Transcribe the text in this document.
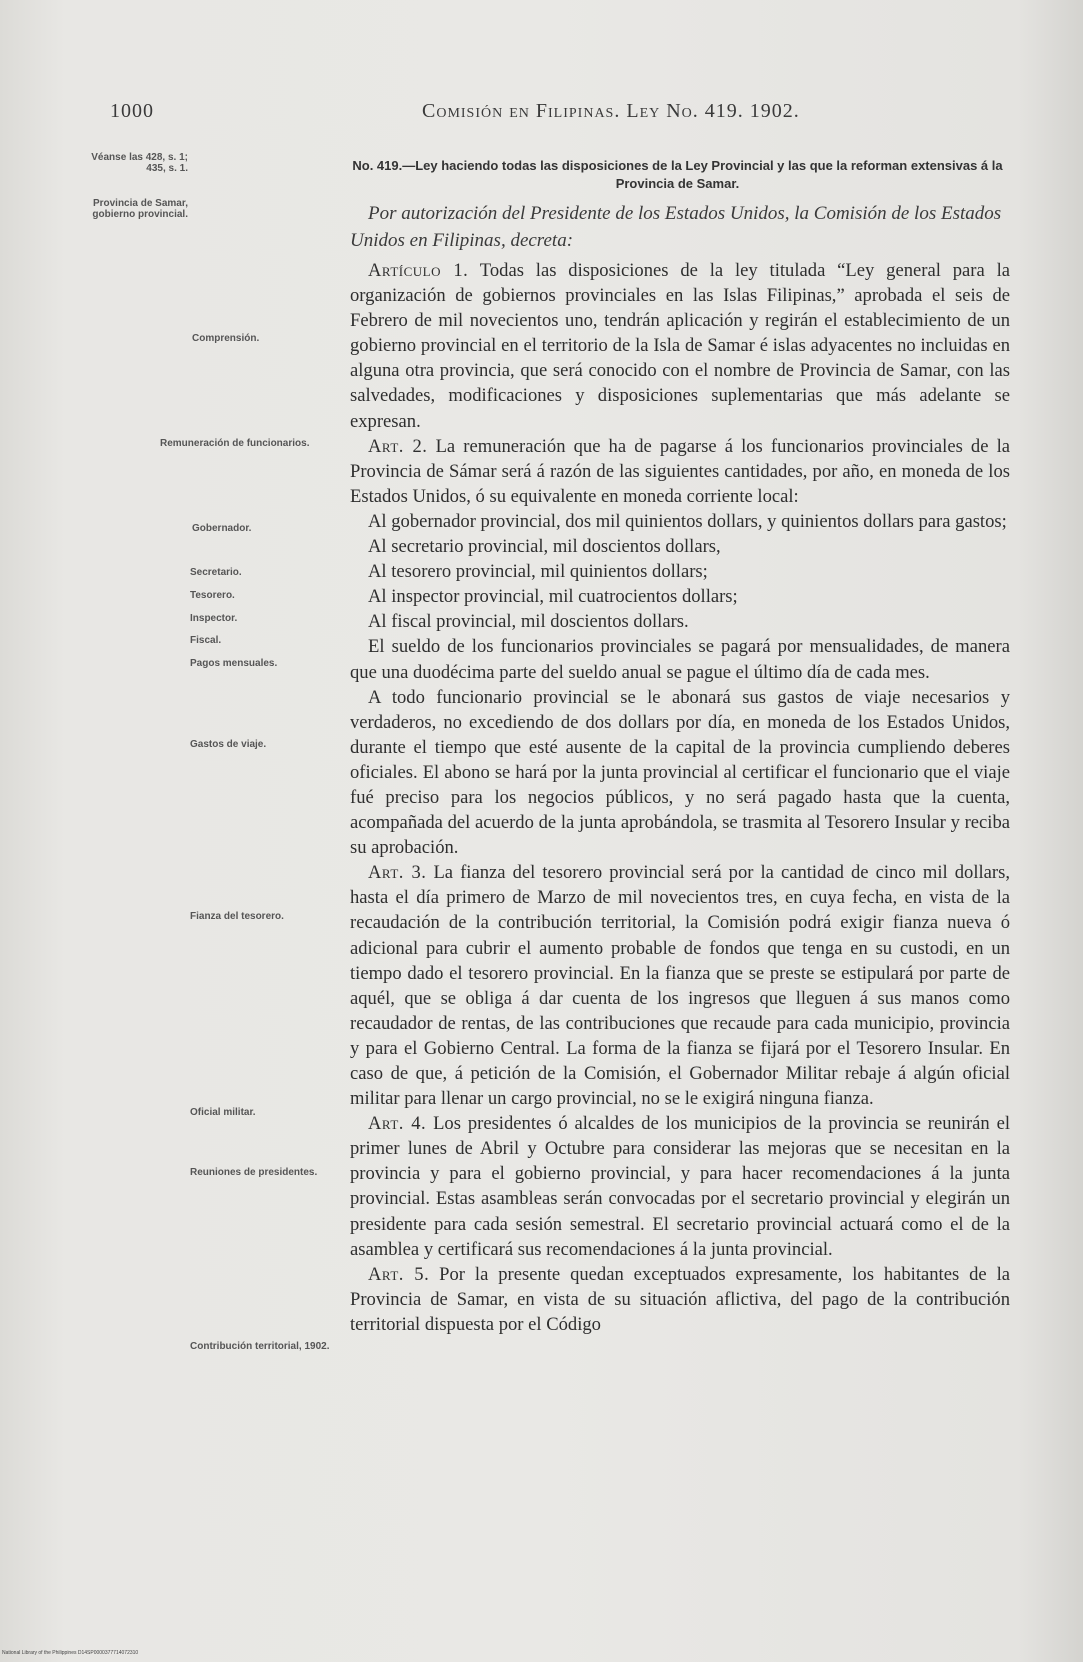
1000	Comisión en Filipinas. Ley No. 419. 1902.
Véanse las 428, s. 1; 435, s. 1.
Provincia de Samar, gobierno provincial.
Comprensión.
Remuneración de funcionarios.
Gobernador.
Secretario.
Tesorero.
Inspector.
Fiscal.
Pagos mensuales.
Gastos de viaje.
Fianza del tesorero.
Oficial militar.
Reuniones de presidentes.
Contribución territorial, 1902.
No. 419.—Ley haciendo todas las disposiciones de la Ley Provincial y las que la reforman extensivas á la Provincia de Samar.
Por autorización del Presidente de los Estados Unidos, la Comisión de los Estados Unidos en Filipinas, decreta:

Artículo 1. Todas las disposiciones de la ley titulada “Ley general para la organización de gobiernos provinciales en las Islas Filipinas,” aprobada el seis de Febrero de mil novecientos uno, tendrán aplicación y regirán el establecimiento de un gobierno provincial en el territorio de la Isla de Samar é islas adyacentes no incluidas en alguna otra provincia, que será conocido con el nombre de Provincia de Samar, con las salvedades, modificaciones y disposiciones suplementarias que más adelante se expresan.

Art. 2. La remuneración que ha de pagarse á los funcionarios provinciales de la Provincia de Sámar será á razón de las siguientes cantidades, por año, en moneda de los Estados Unidos, ó su equivalente en moneda corriente local:

Al gobernador provincial, dos mil quinientos dollars, y quinientos dollars para gastos;

Al secretario provincial, mil doscientos dollars,

Al tesorero provincial, mil quinientos dollars;

Al inspector provincial, mil cuatrocientos dollars;

Al fiscal provincial, mil doscientos dollars.

El sueldo de los funcionarios provinciales se pagará por mensualidades, de manera que una duodécima parte del sueldo anual se pague el último día de cada mes.

A todo funcionario provincial se le abonará sus gastos de viaje necesarios y verdaderos, no excediendo de dos dollars por día, en moneda de los Estados Unidos, durante el tiempo que esté ausente de la capital de la provincia cumpliendo deberes oficiales. El abono se hará por la junta provincial al certificar el funcionario que el viaje fué preciso para los negocios públicos, y no será pagado hasta que la cuenta, acompañada del acuerdo de la junta aprobándola, se trasmita al Tesorero Insular y reciba su aprobación.

Art. 3. La fianza del tesorero provincial será por la cantidad de cinco mil dollars, hasta el día primero de Marzo de mil novecientos tres, en cuya fecha, en vista de la recaudación de la contribución territorial, la Comisión podrá exigir fianza nueva ó adicional para cubrir el aumento probable de fondos que tenga en su custodi, en un tiempo dado el tesorero provincial. En la fianza que se preste se estipulará por parte de aquél, que se obliga á dar cuenta de los ingresos que lleguen á sus manos como recaudador de rentas, de las contribuciones que recaude para cada municipio, provincia y para el Gobierno Central. La forma de la fianza se fijará por el Tesorero Insular. En caso de que, á petición de la Comisión, el Gobernador Militar rebaje á algún oficial militar para llenar un cargo provincial, no se le exigirá ninguna fianza.

Art. 4. Los presidentes ó alcaldes de los municipios de la provincia se reunirán el primer lunes de Abril y Octubre para considerar las mejoras que se necesitan en la provincia y para el gobierno provincial, y para hacer recomendaciones á la junta provincial. Estas asambleas serán convocadas por el secretario provincial y elegirán un presidente para cada sesión semestral. El secretario provincial actuará como el de la asamblea y certificará sus recomendaciones á la junta provincial.

Art. 5. Por la presente quedan exceptuados expresamente, los habitantes de la Provincia de Samar, en vista de su situación aflictiva, del pago de la contribución territorial dispuesta por el Código

National Library of the Philippines D14SP0000377714072310
